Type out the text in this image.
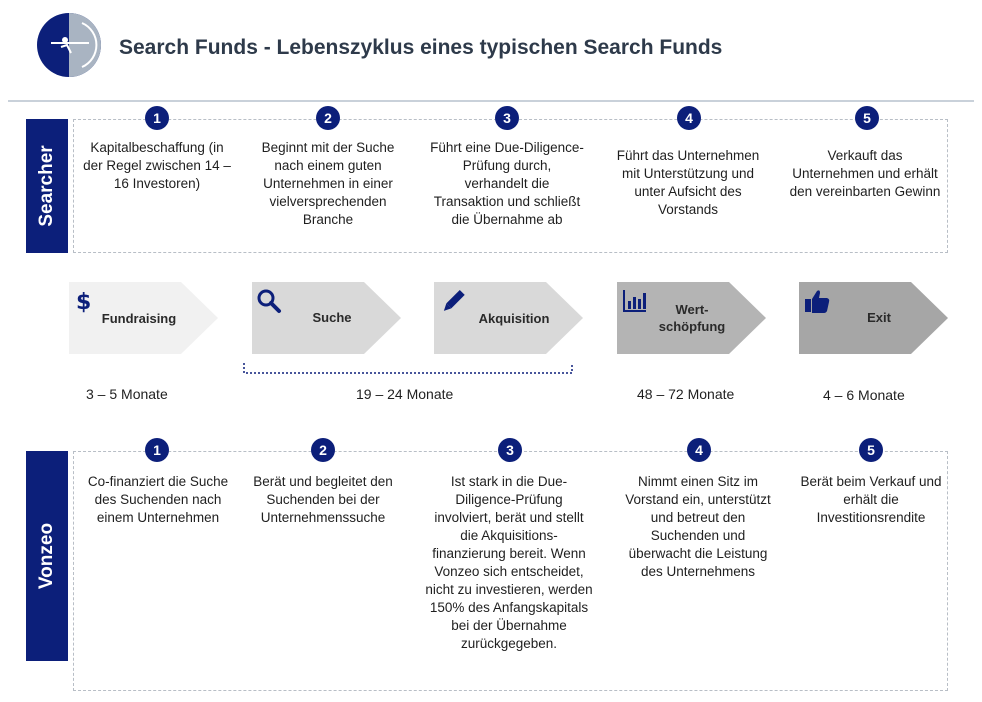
Search Funds - Lebenszyklus eines typischen Search Funds
Searcher
1	2	3	4	5
Kapitalbeschaffung (in der Regel zwischen 14 – 16 Investoren)
Beginnt mit der Suche nach einem guten Unternehmen in einer vielversprechenden Branche
Führt eine Due-Diligence-Prüfung durch, verhandelt die Transaktion und schließt die Übernahme ab
Führt das Unternehmen mit Unterstützung und unter Aufsicht des Vorstands
Verkauft das Unternehmen und erhält den vereinbarten Gewinn
$
Fundraising	Suche	Akquisition
Wert-
schöpfung
Exit
3 – 5 Monate	19 – 24 Monate	48 – 72 Monate	4 – 6 Monate
Vonzeo
1	2	3	4	5
Co-finanziert die Suche des Suchenden nach einem Unternehmen
Berät und begleitet den Suchenden bei der Unternehmenssuche
Ist stark in die Due-Diligence-Prüfung involviert, berät und stellt die Akquisitions-finanzierung bereit. Wenn Vonzeo sich entscheidet, nicht zu investieren, werden 150% des Anfangskapitals bei der Übernahme zurückgegeben.
Nimmt einen Sitz im Vorstand ein, unterstützt und betreut den Suchenden und überwacht die Leistung des Unternehmens
Berät beim Verkauf und erhält die Investitionsrendite
